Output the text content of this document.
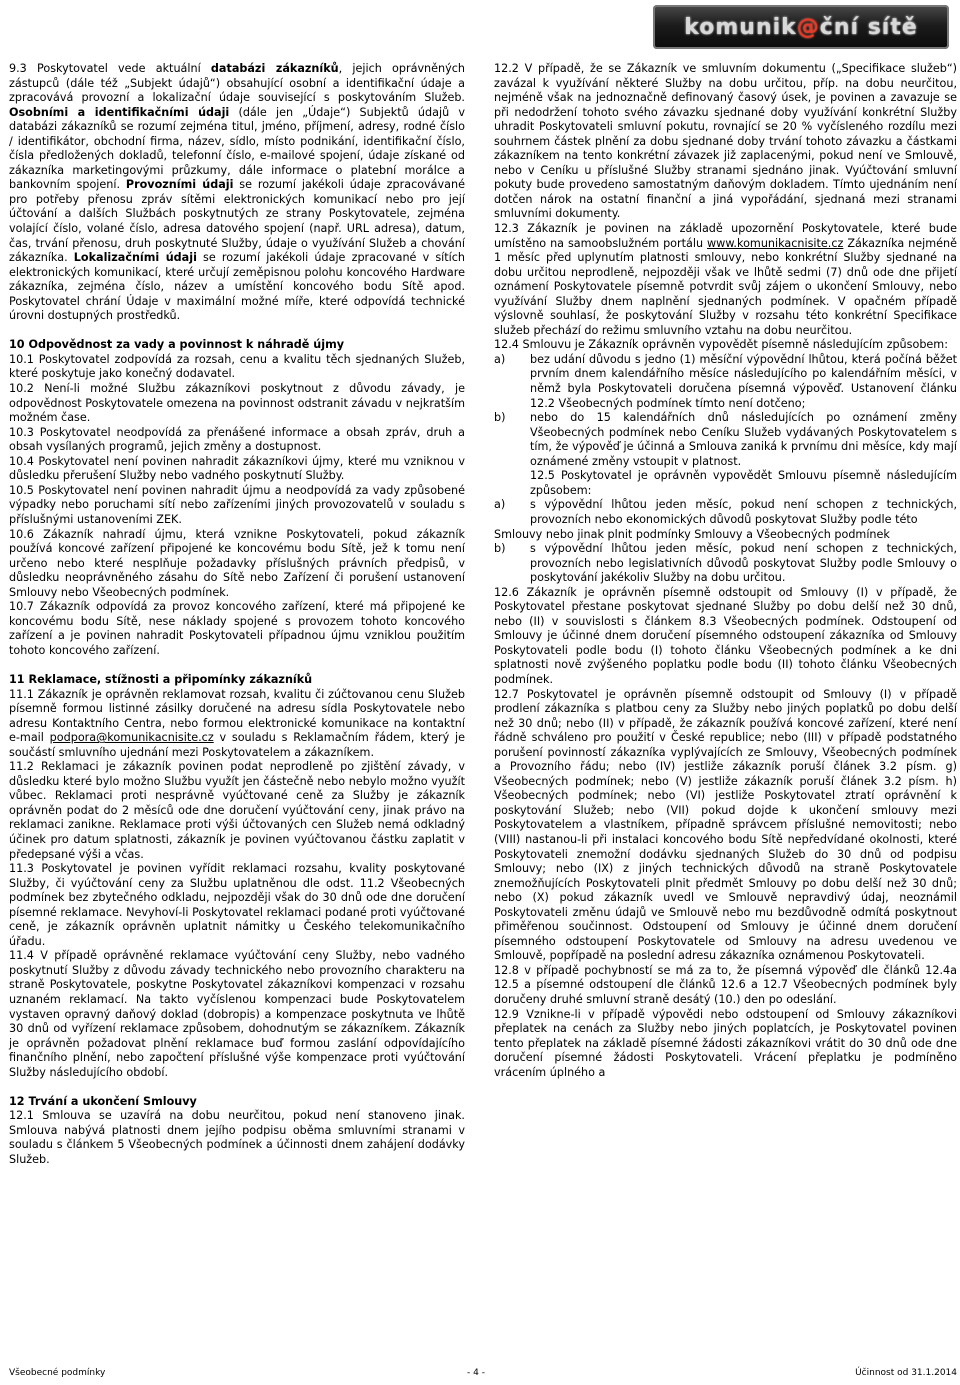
komunik@ční sítě

9.3 Poskytovatel vede aktuální databázi zákazníků, jejich oprávněných zástupců (dále též „Subjekt údajů“) obsahující osobní a identifikační údaje a zpracovává provozní a lokalizační údaje související s poskytováním Služeb. Osobními a identifikačními údaji (dále jen „Údaje“) Subjektů údajů v databázi zákazníků se rozumí zejména titul, jméno, příjmení, adresy, rodné číslo / identifikátor, obchodní firma, název, sídlo, místo podnikání, identifikační číslo, čísla předložených dokladů, telefonní číslo, e-mailové spojení, údaje získané od zákazníka marketingovými průzkumy, dále informace o platební morálce a bankovním spojení. Provozními údaji se rozumí jakékoli údaje zpracovávané pro potřeby přenosu zpráv sítěmi elektronických komunikací nebo pro její účtování a dalších Službách poskytnutých ze strany Poskytovatele, zejména volající číslo, volané číslo, adresa datového spojení (např. URL adresa), datum, čas, trvání přenosu, druh poskytnuté Služby, údaje o využívání Služeb a chování zákazníka. Lokalizačními údaji se rozumí jakékoli údaje zpracované v sítích elektronických komunikací, které určují zeměpisnou polohu koncového Hardware zákazníka, zejména číslo, název a umístění koncového bodu Sítě apod. Poskytovatel chrání Údaje v maximální možné míře, které odpovídá technické úrovni dostupných prostředků.

10 Odpovědnost za vady a povinnost k náhradě újmy

10.1 Poskytovatel zodpovídá za rozsah, cenu a kvalitu těch sjednaných Služeb, které poskytuje jako konečný dodavatel.

10.2 Není-li možné Službu zákazníkovi poskytnout z důvodu závady, je odpovědnost Poskytovatele omezena na povinnost odstranit závadu v nejkratším možném čase.

10.3 Poskytovatel neodpovídá za přenášené informace a obsah zpráv, druh a obsah vysílaných programů, jejich změny a dostupnost.

10.4 Poskytovatel není povinen nahradit zákazníkovi újmy, které mu vzniknou v důsledku přerušení Služby nebo vadného poskytnutí Služby.

10.5 Poskytovatel není povinen nahradit újmu a neodpovídá za vady způsobené výpadky nebo poruchami sítí nebo zařízeními jiných provozovatelů v souladu s příslušnými ustanoveními ZEK.

10.6 Zákazník nahradí újmu, která vznikne Poskytovateli, pokud zákazník používá koncové zařízení připojené ke koncovému bodu Sítě, jež k tomu není určeno nebo které nesplňuje požadavky příslušných právních předpisů, v důsledku neoprávněného zásahu do Sítě nebo Zařízení či porušení ustanovení Smlouvy nebo Všeobecných podmínek.

10.7 Zákazník odpovídá za provoz koncového zařízení, které má připojené ke koncovému bodu Sítě, nese náklady spojené s provozem tohoto koncového zařízení a je povinen nahradit Poskytovateli případnou újmu vzniklou použitím tohoto koncového zařízení.

11 Reklamace, stížnosti a připomínky zákazníků

11.1 Zákazník je oprávněn reklamovat rozsah, kvalitu či zúčtovanou cenu Služeb písemně formou listinné zásilky doručené na adresu sídla Poskytovatele nebo adresu Kontaktního Centra, nebo formou elektronické komunikace na kontaktní e-mail podpora@komunikacnisite.cz v souladu s Reklamačním řádem, který je součástí smluvního ujednání mezi Poskytovatelem a zákazníkem.

11.2 Reklamaci je zákazník povinen podat neprodleně po zjištění závady, v důsledku které bylo možno Službu využít jen částečně nebo nebylo možno využít vůbec. Reklamaci proti nesprávně vyúčtované ceně za Služby je zákazník oprávněn podat do 2 měsíců ode dne doručení vyúčtování ceny, jinak právo na reklamaci zanikne. Reklamace proti výši účtovaných cen Služeb nemá odkladný účinek pro datum splatnosti, zákazník je povinen vyúčtovanou částku zaplatit v předepsané výši a včas.

11.3 Poskytovatel je povinen vyřídit reklamaci rozsahu, kvality poskytované Služby, či vyúčtování ceny za Službu uplatněnou dle odst. 11.2 Všeobecných podmínek bez zbytečného odkladu, nejpozději však do 30 dnů ode dne doručení písemné reklamace. Nevyhoví-li Poskytovatel reklamaci podané proti vyúčtované ceně, je zákazník oprávněn uplatnit námitky u Českého telekomunikačního úřadu.

11.4 V případě oprávněné reklamace vyúčtování ceny Služby, nebo vadného poskytnutí Služby z důvodu závady technického nebo provozního charakteru na straně Poskytovatele, poskytne Poskytovatel zákazníkovi kompenzaci v rozsahu uznaném reklamací. Na takto vyčíslenou kompenzaci bude Poskytovatelem vystaven opravný daňový doklad (dobropis) a kompenzace poskytnuta ve lhůtě 30 dnů od vyřízení reklamace způsobem, dohodnutým se zákazníkem. Zákazník je oprávněn požadovat plnění reklamace buď formou zaslání odpovídajícího finančního plnění, nebo započtení příslušné výše kompenzace proti vyúčtování Služby následujícího období.

12 Trvání a ukončení Smlouvy

12.1 Smlouva se uzavírá na dobu neurčitou, pokud není stanoveno jinak. Smlouva nabývá platnosti dnem jejího podpisu oběma smluvními stranami v souladu s článkem 5 Všeobecných podmínek a účinnosti dnem zahájení dodávky Služeb.

12.2 V případě, že se Zákazník ve smluvním dokumentu („Specifikace služeb“) zavázal k využívání některé Služby na dobu určitou, příp. na dobu neurčitou, nejméně však na jednoznačně definovaný časový úsek, je povinen a zavazuje se při nedodržení tohoto svého závazku sjednané doby využívání konkrétní Služby uhradit Poskytovateli smluvní pokutu, rovnající se 20 % vyčísleného rozdílu mezi souhrnem částek plnění za dobu sjednané doby trvání tohoto závazku a částkami zákazníkem na tento konkrétní závazek již zaplacenými, pokud není ve Smlouvě, nebo v Ceníku u příslušné Služby stranami sjednáno jinak. Vyúčtování smluvní pokuty bude provedeno samostatným daňovým dokladem. Tímto ujednáním není dotčen nárok na ostatní finanční a jiná vypořádání, sjednaná mezi stranami smluvními dokumenty.

12.3 Zákazník je povinen na základě upozornění Poskytovatele, které bude umístěno na samoobslužném portálu www.komunikacnisite.cz Zákazníka nejméně 1 měsíc před uplynutím platnosti smlouvy, nebo konkrétní Služby sjednané na dobu určitou neprodleně, nejpozději však ve lhůtě sedmi (7) dnů ode dne přijetí oznámení Poskytovatele písemně potvrdit svůj zájem o ukončení Smlouvy, nebo využívání Služby dnem naplnění sjednaných podmínek. V opačném případě výslovně souhlasí, že poskytování Služby v rozsahu této konkrétní Specifikace služeb přechází do režimu smluvního vztahu na dobu neurčitou.

12.4 Smlouvu je Zákazník oprávněn vypovědět písemně následujícím způsobem:

a)	bez udání důvodu s jedno (1) měsíční výpovědní lhůtou, která počíná běžet prvním dnem kalendářního měsíce následujícího po kalendářním měsíci, v němž byla Poskytovateli doručena písemná výpověď. Ustanovení článku 12.2 Všeobecných podmínek tímto není dotčeno;
b)	nebo do 15 kalendářních dnů následujících po oznámení změny Všeobecných podmínek nebo Ceníku Služeb vydávaných Poskytovatelem s tím, že výpověď je účinná a Smlouva zaniká k prvnímu dni měsíce, kdy mají oznámené změny vstoupit v platnost.

12.5 Poskytovatel je oprávněn vypovědět Smlouvu písemně následujícím způsobem:

a)	s výpovědní lhůtou jeden měsíc, pokud není schopen z technických, provozních nebo ekonomických důvodů poskytovat Služby podle této

Smlouvy nebo jinak plnit podmínky Smlouvy a Všeobecných podmínek

b)	s výpovědní lhůtou jeden měsíc, pokud není schopen z technických, provozních nebo legislativních důvodů poskytovat Služby podle Smlouvy o poskytování jakékoliv Služby na dobu určitou.

12.6 Zákazník je oprávněn písemně odstoupit od Smlouvy (I) v případě, že Poskytovatel přestane poskytovat sjednané Služby po dobu delší než 30 dnů, nebo (II) v souvislosti s článkem 8.3 Všeobecných podmínek. Odstoupení od Smlouvy je účinné dnem doručení písemného odstoupení zákazníka od Smlouvy Poskytovateli podle bodu (I) tohoto článku Všeobecných podmínek a ke dni splatnosti nově zvýšeného poplatku podle bodu (II) tohoto článku Všeobecných podmínek.

12.7 Poskytovatel je oprávněn písemně odstoupit od Smlouvy (I) v případě prodlení zákazníka s platbou ceny za Služby nebo jiných poplatků po dobu delší než 30 dnů; nebo (II) v případě, že zákazník používá koncové zařízení, které není řádně schváleno pro použití v České republice; nebo (III) v případě podstatného porušení povinností zákazníka vyplývajících ze Smlouvy, Všeobecných podmínek a Provozního řádu; nebo (IV) jestliže zákazník poruší článek 3.2 písm. g) Všeobecných podmínek; nebo (V) jestliže zákazník poruší článek 3.2 písm. h) Všeobecných podmínek; nebo (VI) jestliže Poskytovatel ztratí oprávnění k poskytování Služeb; nebo (VII) pokud dojde k ukončení smlouvy mezi Poskytovatelem a vlastníkem, případně správcem příslušné nemovitosti; nebo (VIII) nastanou-li při instalaci koncového bodu Sítě nepředvídané okolnosti, které Poskytovateli znemožní dodávku sjednaných Služeb do 30 dnů od podpisu Smlouvy; nebo (IX) z jiných technických důvodů na straně Poskytovatele znemožňujících Poskytovateli plnit předmět Smlouvy po dobu delší než 30 dnů; nebo (X) pokud zákazník uvedl ve Smlouvě nepravdivý údaj, neoznámil Poskytovateli změnu údajů ve Smlouvě nebo mu bezdůvodně odmítá poskytnout přiměřenou součinnost. Odstoupení od Smlouvy je účinné dnem doručení písemného odstoupení Poskytovatele od Smlouvy na adresu uvedenou ve Smlouvě, popřípadě na poslední adresu zákazníka oznámenou Poskytovateli.

12.8 v případě pochybností se má za to, že písemná výpověď dle článků 12.4a 12.5 a písemné odstoupení dle článků 12.6 a 12.7 Všeobecných podmínek byly doručeny druhé smluvní straně desátý (10.) den po odeslání.

12.9 Vznikne-li v případě výpovědi nebo odstoupení od Smlouvy zákazníkovi přeplatek na cenách za Služby nebo jiných poplatcích, je Poskytovatel povinen tento přeplatek na základě písemné žádosti zákazníkovi vrátit do 30 dnů ode dne doručení písemné žádosti Poskytovateli. Vrácení přeplatku je podmíněno vrácením úplného a

Všeobecné podmínky	- 4 -	Účinnost od 31.1.2014
